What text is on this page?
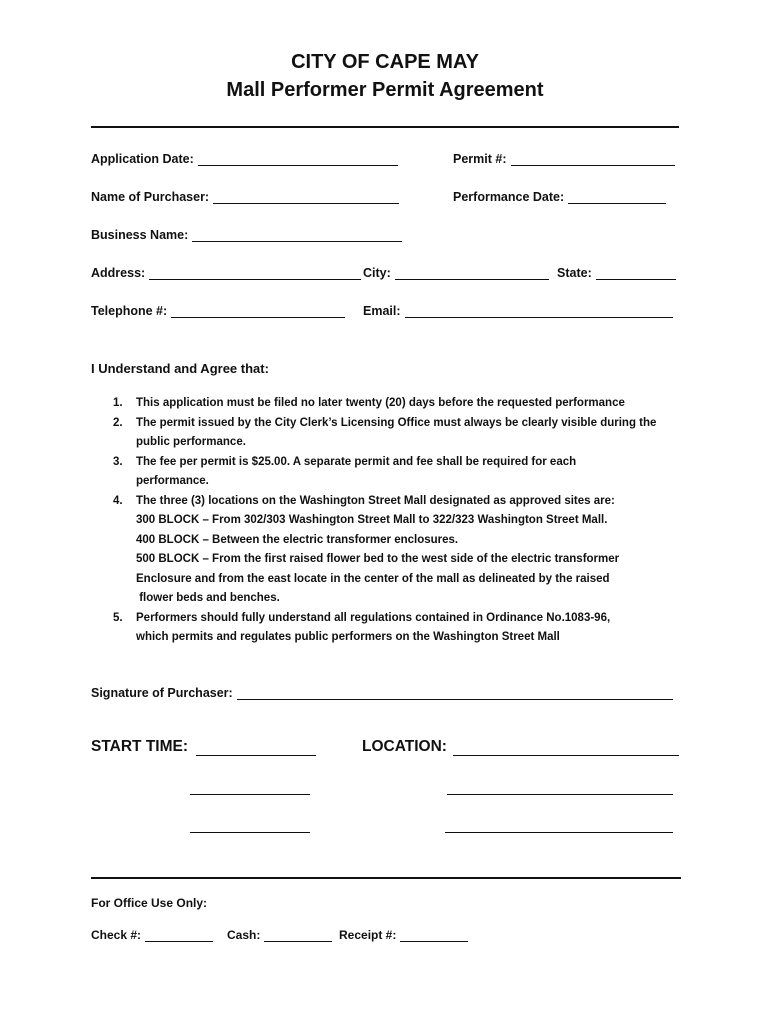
CITY OF CAPE MAY
Mall Performer Permit Agreement
Application Date:	Permit #:
Name of Purchaser:	Performance Date:
Business Name:
Address:	City:	State:
Telephone #:	Email:
I Understand and Agree that:
1. This application must be filed no later twenty (20) days before the requested performance
2. The permit issued by the City Clerk’s Licensing Office must always be clearly visible during the
public performance.
3. The fee per permit is $25.00. A separate permit and fee shall be required for each
performance.
4. The three (3) locations on the Washington Street Mall designated as approved sites are:
300 BLOCK – From 302/303 Washington Street Mall to 322/323 Washington Street Mall.
400 BLOCK – Between the electric transformer enclosures.
500 BLOCK – From the first raised flower bed to the west side of the electric transformer
Enclosure and from the east locate in the center of the mall as delineated by the raised
flower beds and benches.
5. Performers should fully understand all regulations contained in Ordinance No.1083-96,
which permits and regulates public performers on the Washington Street Mall
Signature of Purchaser:
START TIME:	LOCATION:
For Office Use Only:
Check #:	Cash:	Receipt #:
